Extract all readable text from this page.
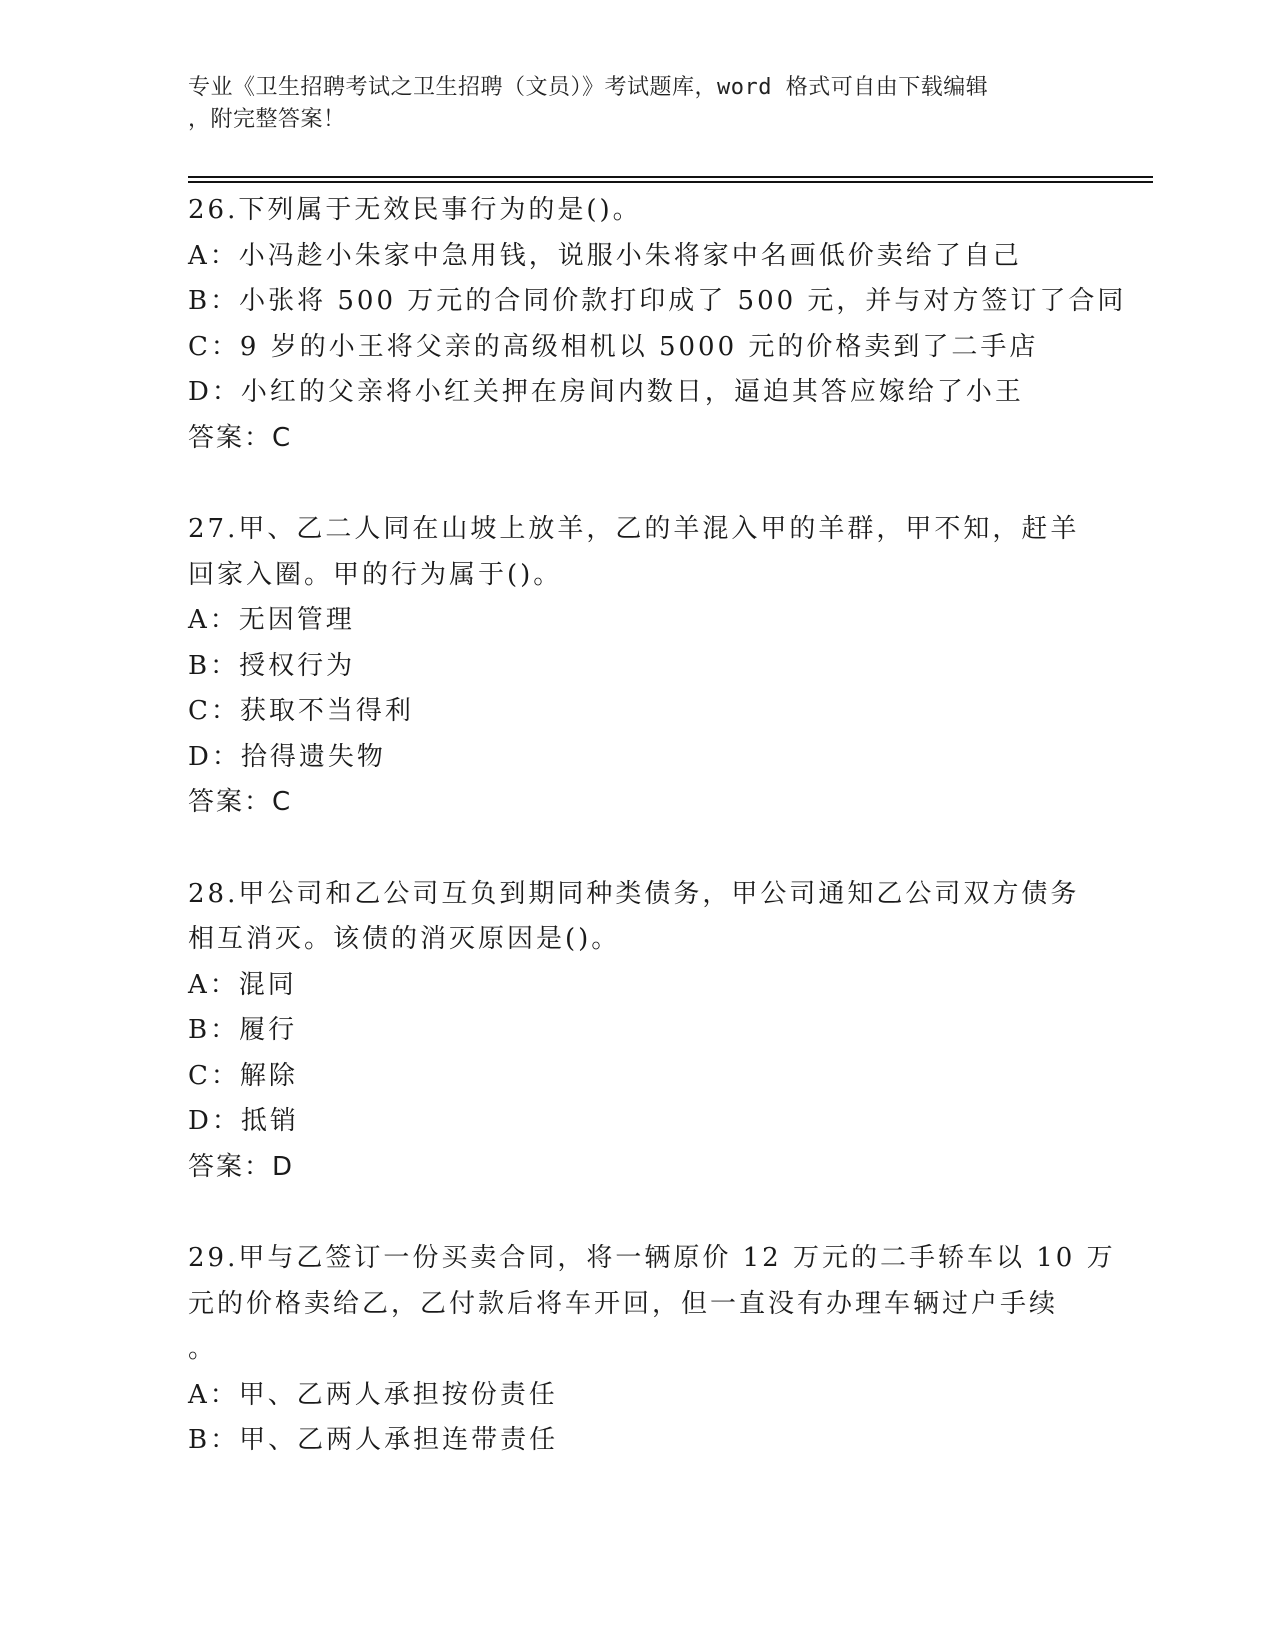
专业《卫生招聘考试之卫生招聘（文员）》考试题库，word 格式可自由下载编辑

，附完整答案！

26.下列属于无效民事行为的是()。
A：小冯趁小朱家中急用钱，说服小朱将家中名画低价卖给了自己
B：小张将 500 万元的合同价款打印成了 500 元，并与对方签订了合同
C：9 岁的小王将父亲的高级相机以 5000 元的价格卖到了二手店
D：小红的父亲将小红关押在房间内数日，逼迫其答应嫁给了小王
答案：C
27.甲、乙二人同在山坡上放羊，乙的羊混入甲的羊群，甲不知，赶羊
回家入圈。甲的行为属于()。
A：无因管理
B：授权行为
C：获取不当得利
D：拾得遗失物
答案：C
28.甲公司和乙公司互负到期同种类债务，甲公司通知乙公司双方债务
相互消灭。该债的消灭原因是()。
A：混同
B：履行
C：解除
D：抵销
答案：D
29.甲与乙签订一份买卖合同，将一辆原价 12 万元的二手轿车以 10 万
元的价格卖给乙，乙付款后将车开回，但一直没有办理车辆过户手续
。
A：甲、乙两人承担按份责任
B：甲、乙两人承担连带责任
